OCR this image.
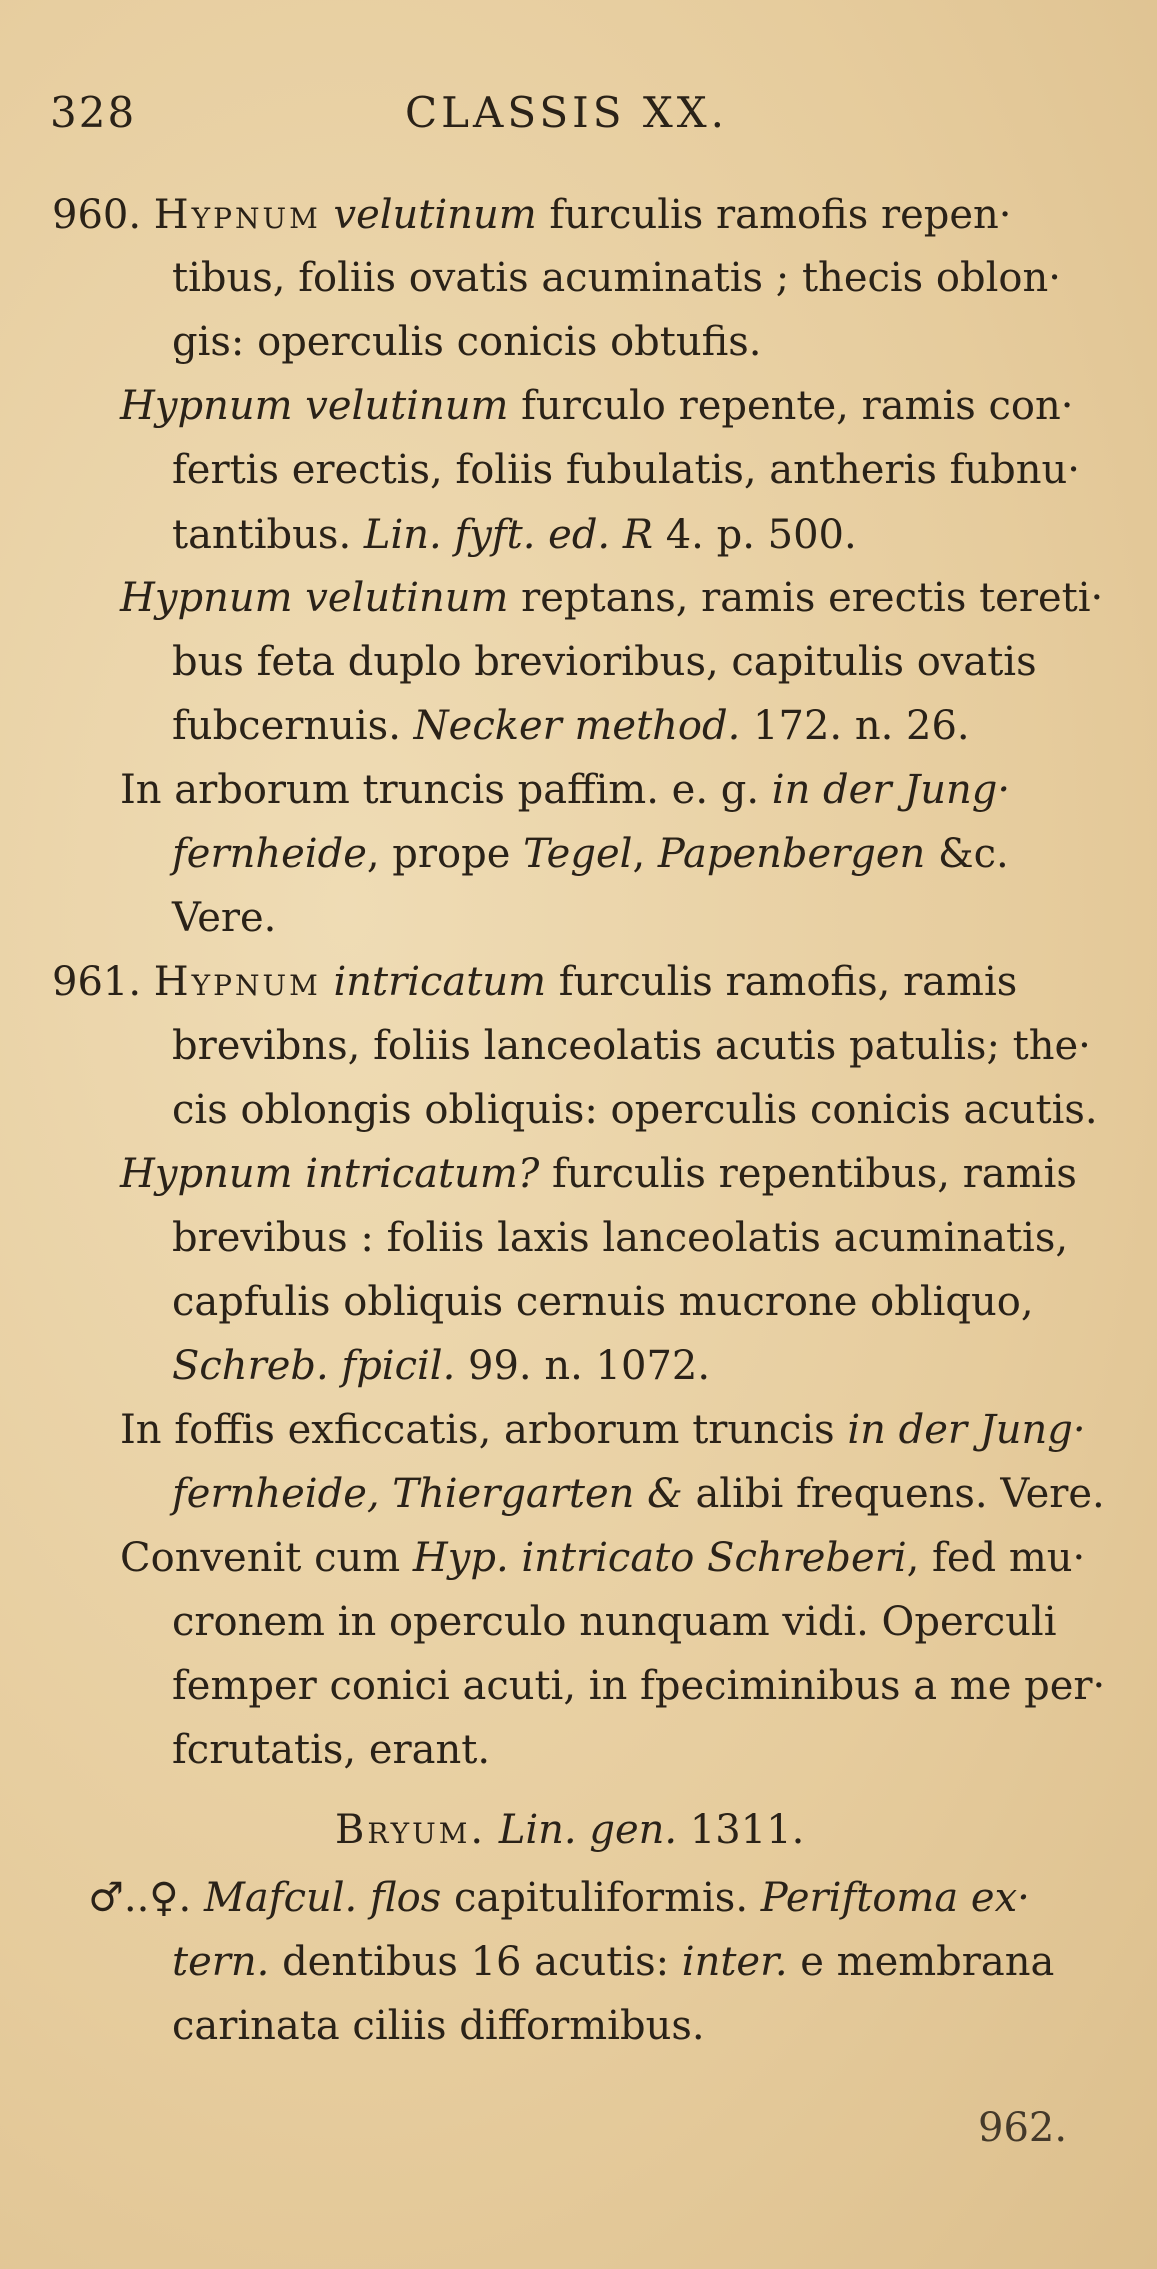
328	CLASSIS XX.
960. Hypnum velutinum furculis ramofis repen·
tibus, foliis ovatis acuminatis ; thecis oblon·
gis: operculis conicis obtufis.
Hypnum velutinum furculo repente, ramis con·
fertis erectis, foliis fubulatis, antheris fubnu·
tantibus. Lin. fyft. ed. R 4. p. 500.
Hypnum velutinum reptans, ramis erectis tereti·
bus feta duplo brevioribus, capitulis ovatis
fubcernuis. Necker method. 172. n. 26.
In arborum truncis paffim. e. g. in der Jung·
fernheide, prope Tegel, Papenbergen &c.
Vere.
961. Hypnum intricatum furculis ramofis, ramis
brevibns, foliis lanceolatis acutis patulis; the·
cis oblongis obliquis: operculis conicis acutis.
Hypnum intricatum? furculis repentibus, ramis
brevibus : foliis laxis lanceolatis acuminatis,
capfulis obliquis cernuis mucrone obliquo,
Schreb. fpicil. 99. n. 1072.
In foffis exficcatis, arborum truncis in der Jung·
fernheide, Thiergarten & alibi frequens. Vere.
Convenit cum Hyp. intricato Schreberi, fed mu·
cronem in operculo nunquam vidi. Operculi
femper conici acuti, in fpeciminibus a me per·
fcrutatis, erant.
Bryum. Lin. gen. 1311.
♂..♀. Mafcul. flos capituliformis. Periftoma ex·
tern. dentibus 16 acutis: inter. e membrana
carinata ciliis difformibus.
962.
